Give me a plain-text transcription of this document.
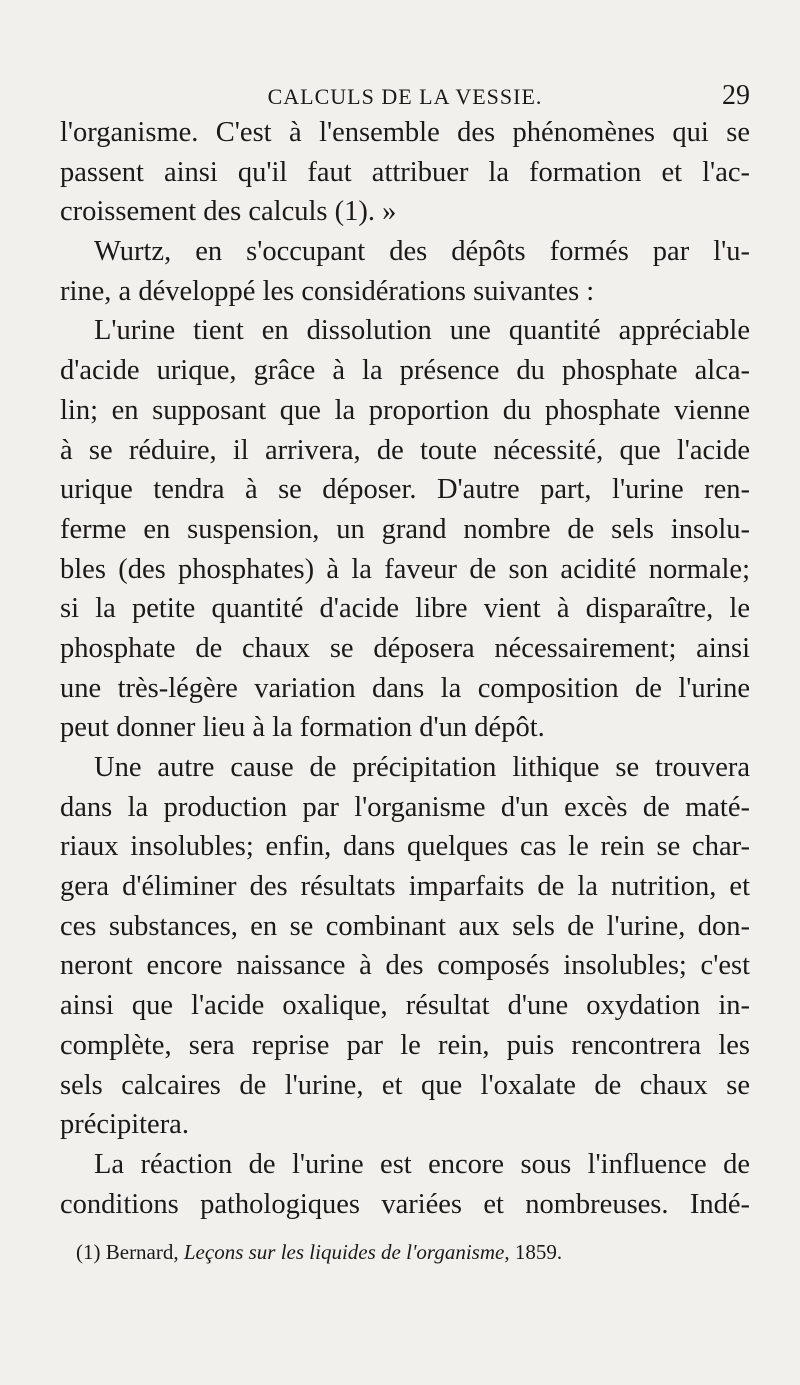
CALCULS DE LA VESSIE.	29
l'organisme. C'est à l'ensemble des phénomènes qui se
passent ainsi qu'il faut attribuer la formation et l'ac-
croissement des calculs (1). »
Wurtz, en s'occupant des dépôts formés par l'u-
rine, a développé les considérations suivantes :
L'urine tient en dissolution une quantité appréciable
d'acide urique, grâce à la présence du phosphate alca-
lin; en supposant que la proportion du phosphate vienne
à se réduire, il arrivera, de toute nécessité, que l'acide
urique tendra à se déposer. D'autre part, l'urine ren-
ferme en suspension, un grand nombre de sels insolu-
bles (des phosphates) à la faveur de son acidité normale;
si la petite quantité d'acide libre vient à disparaître, le
phosphate de chaux se déposera nécessairement; ainsi
une très-légère variation dans la composition de l'urine
peut donner lieu à la formation d'un dépôt.
Une autre cause de précipitation lithique se trouvera
dans la production par l'organisme d'un excès de maté-
riaux insolubles; enfin, dans quelques cas le rein se char-
gera d'éliminer des résultats imparfaits de la nutrition, et
ces substances, en se combinant aux sels de l'urine, don-
neront encore naissance à des composés insolubles; c'est
ainsi que l'acide oxalique, résultat d'une oxydation in-
complète, sera reprise par le rein, puis rencontrera les
sels calcaires de l'urine, et que l'oxalate de chaux se
précipitera.
La réaction de l'urine est encore sous l'influence de
conditions pathologiques variées et nombreuses. Indé-
(1) Bernard, Leçons sur les liquides de l'organisme, 1859.
